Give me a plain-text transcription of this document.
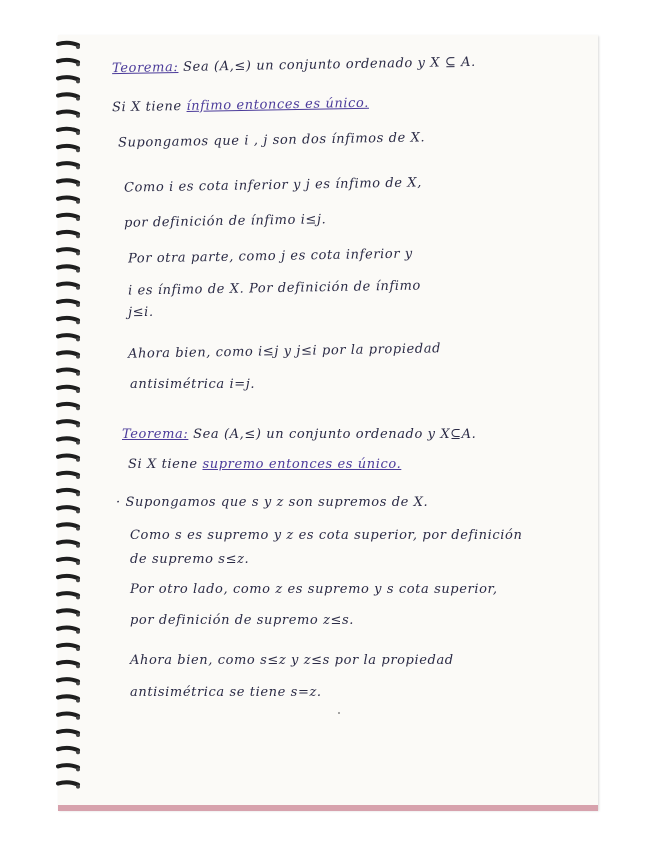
Teorema: Sea (A,≤) un conjunto ordenado y X ⊆ A.
Si X tiene ínfimo entonces es único.
Supongamos que i , j son dos ínfimos de X.
Como i es cota inferior y j es ínfimo de X,
por definición de ínfimo i≤j.
Por otra parte, como j es cota inferior y
i es ínfimo de X. Por definición de ínfimo
j≤i.
Ahora bien, como i≤j y j≤i por la propiedad
antisimétrica i=j.
Teorema: Sea (A,≤) un conjunto ordenado y X⊆A.
Si X tiene supremo entonces es único.
· Supongamos que s y z son supremos de X.
Como s es supremo y z es cota superior, por definición
de supremo s≤z.
Por otro lado, como z es supremo y s cota superior,
por definición de supremo z≤s.
Ahora bien, como s≤z y z≤s por la propiedad
antisimétrica se tiene s=z.
